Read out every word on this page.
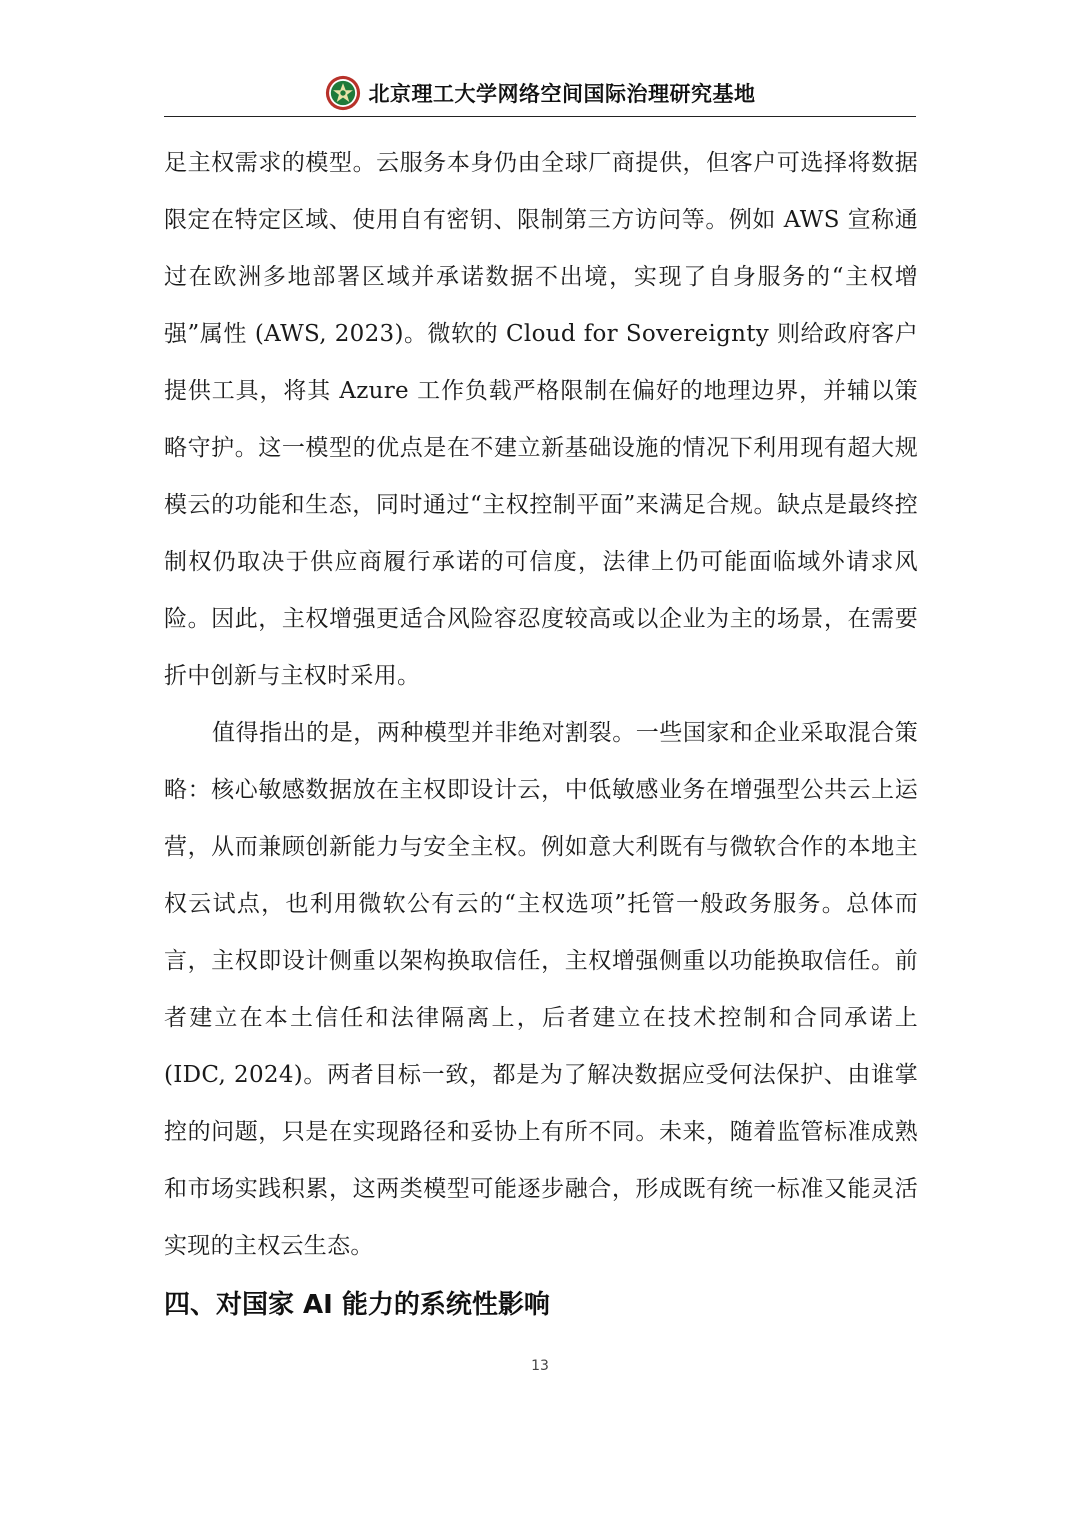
北京理工大学网络空间国际治理研究基地

足主权需求的模型。云服务本身仍由全球厂商提供，但客户可选择将数据限定在特定区域、使用自有密钥、限制第三方访问等。例如 AWS 宣称通过在欧洲多地部署区域并承诺数据不出境，实现了自身服务的“主权增强”属性 (AWS, 2023)。微软的 Cloud for Sovereignty 则给政府客户提供工具，将其 Azure 工作负载严格限制在偏好的地理边界，并辅以策略守护。这一模型的优点是在不建立新基础设施的情况下利用现有超大规模云的功能和生态，同时通过“主权控制平面”来满足合规。缺点是最终控制权仍取决于供应商履行承诺的可信度，法律上仍可能面临域外请求风险。因此，主权增强更适合风险容忍度较高或以企业为主的场景，在需要折中创新与主权时采用。

值得指出的是，两种模型并非绝对割裂。一些国家和企业采取混合策略：核心敏感数据放在主权即设计云，中低敏感业务在增强型公共云上运营，从而兼顾创新能力与安全主权。例如意大利既有与微软合作的本地主权云试点，也利用微软公有云的“主权选项”托管一般政务服务。总体而言，主权即设计侧重以架构换取信任，主权增强侧重以功能换取信任。前者建立在本土信任和法律隔离上，后者建立在技术控制和合同承诺上 (IDC, 2024)。两者目标一致，都是为了解决数据应受何法保护、由谁掌控的问题，只是在实现路径和妥协上有所不同。未来，随着监管标准成熟和市场实践积累，这两类模型可能逐步融合，形成既有统一标准又能灵活实现的主权云生态。

四、对国家 AI 能力的系统性影响
13
